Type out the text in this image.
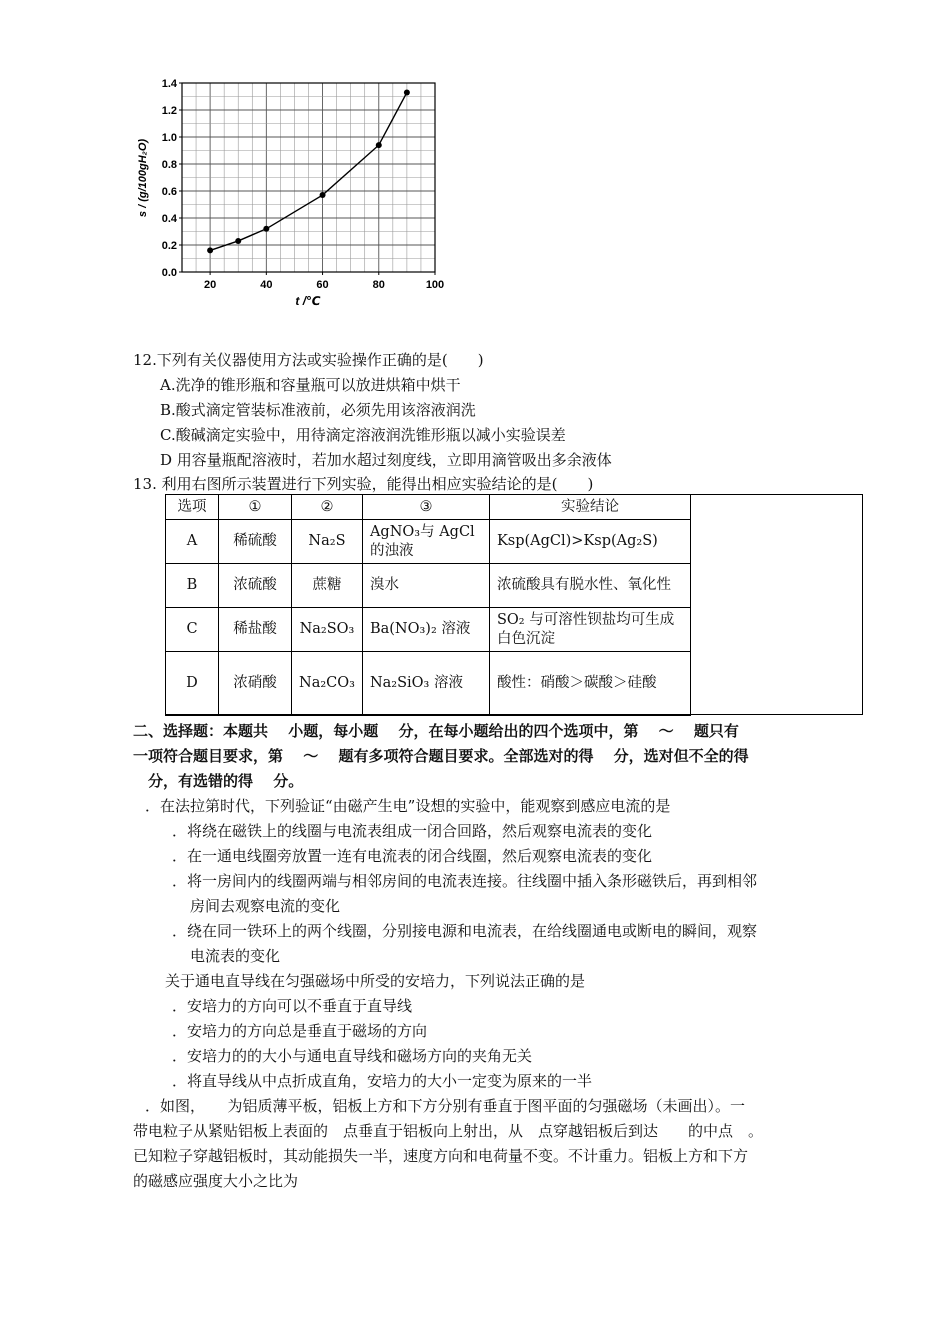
0.0
0.2
0.4
0.6
0.8
1.0
1.2
1.4
20	40	60	80	100
t /℃
s / (g/100gH₂O)
12.下列有关仪器使用方法或实验操作正确的是(　　)
A.洗净的锥形瓶和容量瓶可以放进烘箱中烘干
B.酸式滴定管装标准液前，必须先用该溶液润洗
C.酸碱滴定实验中，用待滴定溶液润洗锥形瓶以减小实验误差
D 用容量瓶配溶液时，若加水超过刻度线，立即用滴管吸出多余液体
13. 利用右图所示装置进行下列实验，能得出相应实验结论的是(　　)
选项	①	②	③	实验结论
A	稀硫酸	Na₂S	AgNO₃与 AgCl的浊液	Ksp(AgCl)>Ksp(Ag₂S)
B	浓硫酸	蔗糖	溴水	浓硫酸具有脱水性、氧化性
C	稀盐酸	Na₂SO₃	Ba(NO₃)₂ 溶液	SO₂ 与可溶性钡盐均可生成白色沉淀
D	浓硝酸	Na₂CO₃	Na₂SiO₃ 溶液	酸性：硝酸＞碳酸＞硅酸
二、选择题：本题共　 小题，每小题　 分，在每小题给出的四个选项中，第　 ～　 题只有
一项符合题目要求，第　 ～　 题有多项符合题目要求。全部选对的得　 分，选对但不全的得
　分，有选错的得　 分。
．在法拉第时代，下列验证“由磁产生电”设想的实验中，能观察到感应电流的是
．将绕在磁铁上的线圈与电流表组成一闭合回路，然后观察电流表的变化
．在一通电线圈旁放置一连有电流表的闭合线圈，然后观察电流表的变化
．将一房间内的线圈两端与相邻房间的电流表连接。往线圈中插入条形磁铁后，再到相邻
房间去观察电流的变化
．绕在同一铁环上的两个线圈，分别接电源和电流表，在给线圈通电或断电的瞬间，观察
电流表的变化
关于通电直导线在匀强磁场中所受的安培力，下列说法正确的是
．安培力的方向可以不垂直于直导线
．安培力的方向总是垂直于磁场的方向
．安培力的的大小与通电直导线和磁场方向的夹角无关
．将直导线从中点折成直角，安培力的大小一定变为原来的一半
．如图，　　为铝质薄平板，铝板上方和下方分别有垂直于图平面的匀强磁场（未画出）。一
带电粒子从紧贴铝板上表面的　点垂直于铝板向上射出，从　点穿越铝板后到达　　的中点　。
已知粒子穿越铝板时，其动能损失一半，速度方向和电荷量不变。不计重力。铝板上方和下方
的磁感应强度大小之比为
